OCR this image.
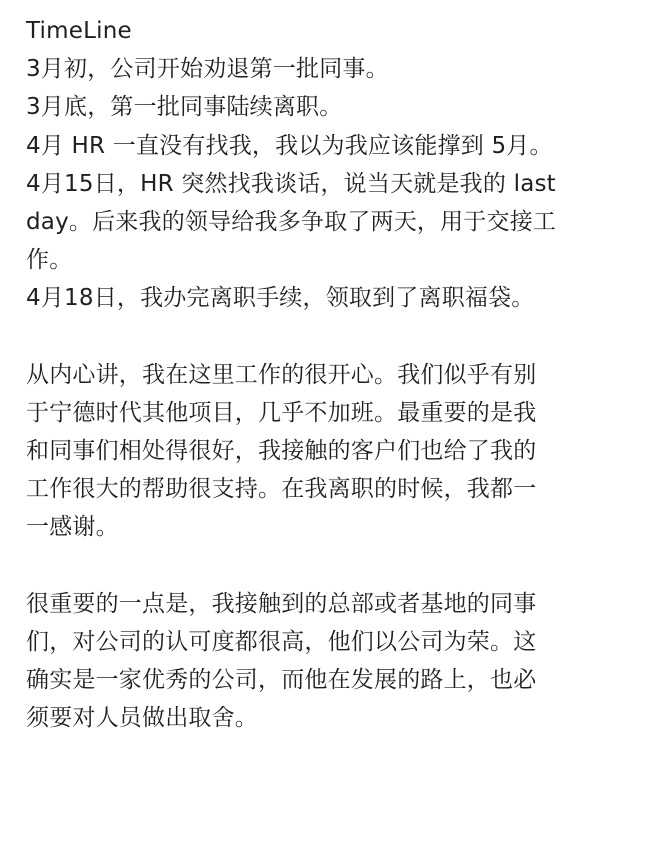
TimeLine
3月初，公司开始劝退第一批同事。
3月底，第一批同事陆续离职。
4月 HR 一直没有找我，我以为我应该能撑到 5月。
4月15日，HR 突然找我谈话，说当天就是我的 last
day。后来我的领导给我多争取了两天，用于交接工
作。
4月18日，我办完离职手续，领取到了离职福袋。
从内心讲，我在这里工作的很开心。我们似乎有别
于宁德时代其他项目，几乎不加班。最重要的是我
和同事们相处得很好，我接触的客户们也给了我的
工作很大的帮助很支持。在我离职的时候，我都一
一感谢。
很重要的一点是，我接触到的总部或者基地的同事
们，对公司的认可度都很高，他们以公司为荣。这
确实是一家优秀的公司，而他在发展的路上，也必
须要对人员做出取舍。
